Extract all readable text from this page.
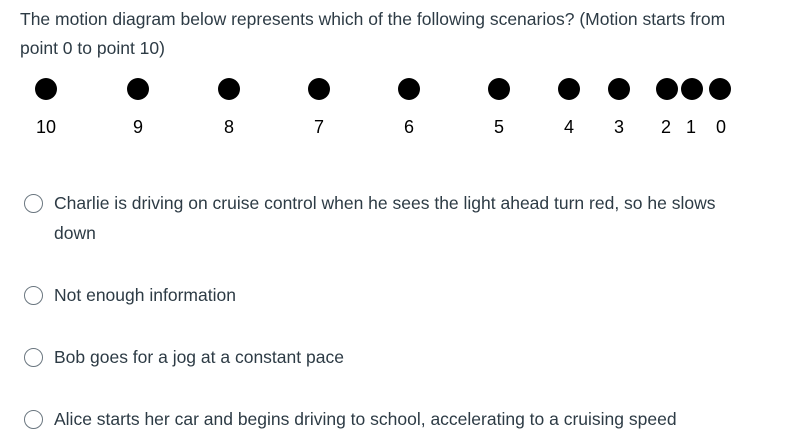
The motion diagram below represents which of the following scenarios? (Motion starts from point 0 to point 10)
10	9	8	7	6	5	4	3	2 1	0
Charlie is driving on cruise control when he sees the light ahead turn red, so he slows down
Not enough information
Bob goes for a jog at a constant pace
Alice starts her car and begins driving to school, accelerating to a cruising speed
